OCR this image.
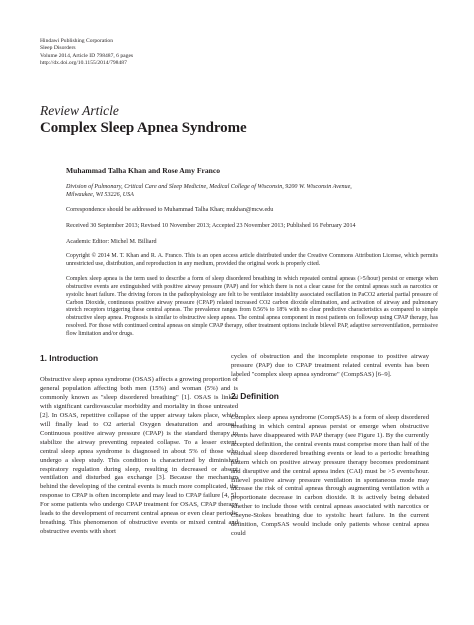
Hindawi Publishing Corporation
Sleep Disorders
Volume 2014, Article ID 798487, 6 pages
http://dx.doi.org/10.1155/2014/798487
Review Article
Complex Sleep Apnea Syndrome
Muhammad Talha Khan and Rose Amy Franco
Division of Pulmonary, Critical Care and Sleep Medicine, Medical College of Wisconsin, 9200 W. Wisconsin Avenue,
Milwaukee, WI 53226, USA
Correspondence should be addressed to Muhammad Talha Khan; mukhan@mcw.edu
Received 30 September 2013; Revised 10 November 2013; Accepted 23 November 2013; Published 16 February 2014
Academic Editor: Michel M. Billiard
Copyright © 2014 M. T. Khan and R. A. Franco. This is an open access article distributed under the Creative Commons Attribution License, which permits unrestricted use, distribution, and reproduction in any medium, provided the original work is properly cited.
Complex sleep apnea is the term used to describe a form of sleep disordered breathing in which repeated central apneas (>5/hour) persist or emerge when obstructive events are extinguished with positive airway pressure (PAP) and for which there is not a clear cause for the central apneas such as narcotics or systolic heart failure. The driving forces in the pathophysiology are felt to be ventilator instability associated oscillation in PaCO2 arterial partial pressure of Carbon Dioxide, continuous positive airway pressure (CPAP) related increased CO2 carbon dioxide elimination, and activation of airway and pulmonary stretch receptors triggering these central apneas. The prevalence ranges from 0.56% to 18% with no clear predictive characteristics as compared to simple obstructive sleep apnea. Prognosis is similar to obstructive sleep apnea. The central apnea component in most patients on followup using CPAP therapy, has resolved. For those with continued central apneas on simple CPAP therapy, other treatment options include bilevel PAP, adaptive servoventilation, permissive flow limitation and/or drugs.
1. Introduction

Obstructive sleep apnea syndrome (OSAS) affects a growing proportion of general population affecting both men (15%) and woman (5%) and is commonly known as "sleep disordered breathing" [1]. OSAS is linked with significant cardiovascular morbidity and mortality in those untreated [2]. In OSAS, repetitive collapse of the upper airway takes place, which will finally lead to O2 arterial Oxygen desaturation and arousal. Continuous positive airway pressure (CPAP) is the standard therapy to stabilize the airway preventing repeated collapse. To a lesser extent, central sleep apnea syndrome is diagnosed in about 5% of those who undergo a sleep study. This condition is characterized by diminished respiratory regulation during sleep, resulting in decreased or absent ventilation and disturbed gas exchange [3]. Because the mechanism behind the developing of the central events is much more complicated, the response to CPAP is often incomplete and may lead to CPAP failure [4, 5]. For some patients who undergo CPAP treatment for OSAS, CPAP therapy leads to the development of recurrent central apneas or even clear periodic breathing. This phenomenon of obstructive events or mixed central and obstructive events with short

cycles of obstruction and the incomplete response to positive airway pressure (PAP) due to CPAP treatment related central events has been labeled "complex sleep apnea syndrome" (CompSAS) [6–9].

2. Definition

Complex sleep apnea syndrome (CompSAS) is a form of sleep disordered breathing in which central apneas persist or emerge when obstructive events have disappeared with PAP therapy (see Figure 1). By the currently accepted definition, the central events must comprise more than half of the residual sleep disordered breathing events or lead to a periodic breathing pattern which on positive airway pressure therapy becomes predominant and disruptive and the central apnea index (CAI) must be >5 events/hour. Bilevel positive airway pressure ventilation in spontaneous mode may increase the risk of central apneas through augmenting ventilation with a proportionate decrease in carbon dioxide. It is actively being debated whether to include those with central apneas associated with narcotics or Cheyne-Stokes breathing due to systolic heart failure. In the current definition, CompSAS would include only patients whose central apnea could
